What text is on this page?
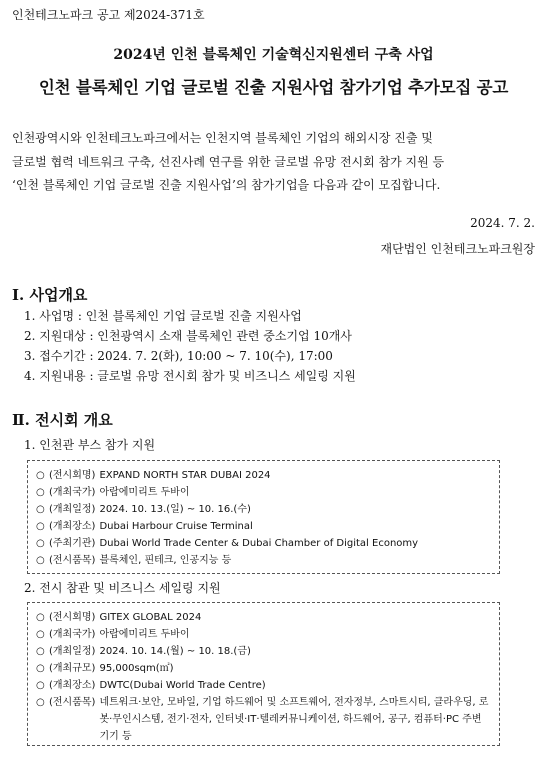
인천테크노파크 공고 제2024-371호
2024년 인천 블록체인 기술혁신지원센터 구축 사업
인천 블록체인 기업 글로벌 진출 지원사업 참가기업 추가모집 공고
인천광역시와 인천테크노파크에서는 인천지역 블록체인 기업의 해외시장 진출 및
글로벌 협력 네트워크 구축, 선진사례 연구를 위한 글로벌 유망 전시회 참가 지원 등
‘인천 블록체인 기업 글로벌 진출 지원사업’의 참가기업을 다음과 같이 모집합니다.
2024. 7. 2.
재단법인 인천테크노파크원장
Ⅰ. 사업개요
1. 사업명 : 인천 블록체인 기업 글로벌 진출 지원사업
2. 지원대상 : 인천광역시 소재 블록체인 관련 중소기업 10개사
3. 접수기간 : 2024. 7. 2(화), 10:00 ~ 7. 10(수), 17:00
4. 지원내용 : 글로벌 유망 전시회 참가 및 비즈니스 세일링 지원
Ⅱ. 전시회 개요
1. 인천관 부스 참가 지원
○ (전시회명) EXPAND NORTH STAR DUBAI 2024
○ (개최국가) 아랍에미리트 두바이
○ (개최일정) 2024. 10. 13.(일) ~ 10. 16.(수)
○ (개최장소) Dubai Harbour Cruise Terminal
○ (주최기관) Dubai World Trade Center & Dubai Chamber of Digital Economy
○ (전시품목) 블록체인, 핀테크, 인공지능 등
2. 전시 참관 및 비즈니스 세일링 지원
○ (전시회명) GITEX GLOBAL 2024
○ (개최국가) 아랍에미리트 두바이
○ (개최일정) 2024. 10. 14.(월) ~ 10. 18.(금)
○ (개최규모) 95,000sqm(㎡)
○ (개최장소) DWTC(Dubai World Trade Centre)
○ (전시품목) 네트워크·보안, 모바일, 기업 하드웨어 및 소프트웨어, 전자정부, 스마트시티, 클라우딩, 로봇·무인시스템, 전기·전자, 인터넷·IT·텔레커뮤니케이션, 하드웨어, 공구, 컴퓨터·PC 주변기기 등
